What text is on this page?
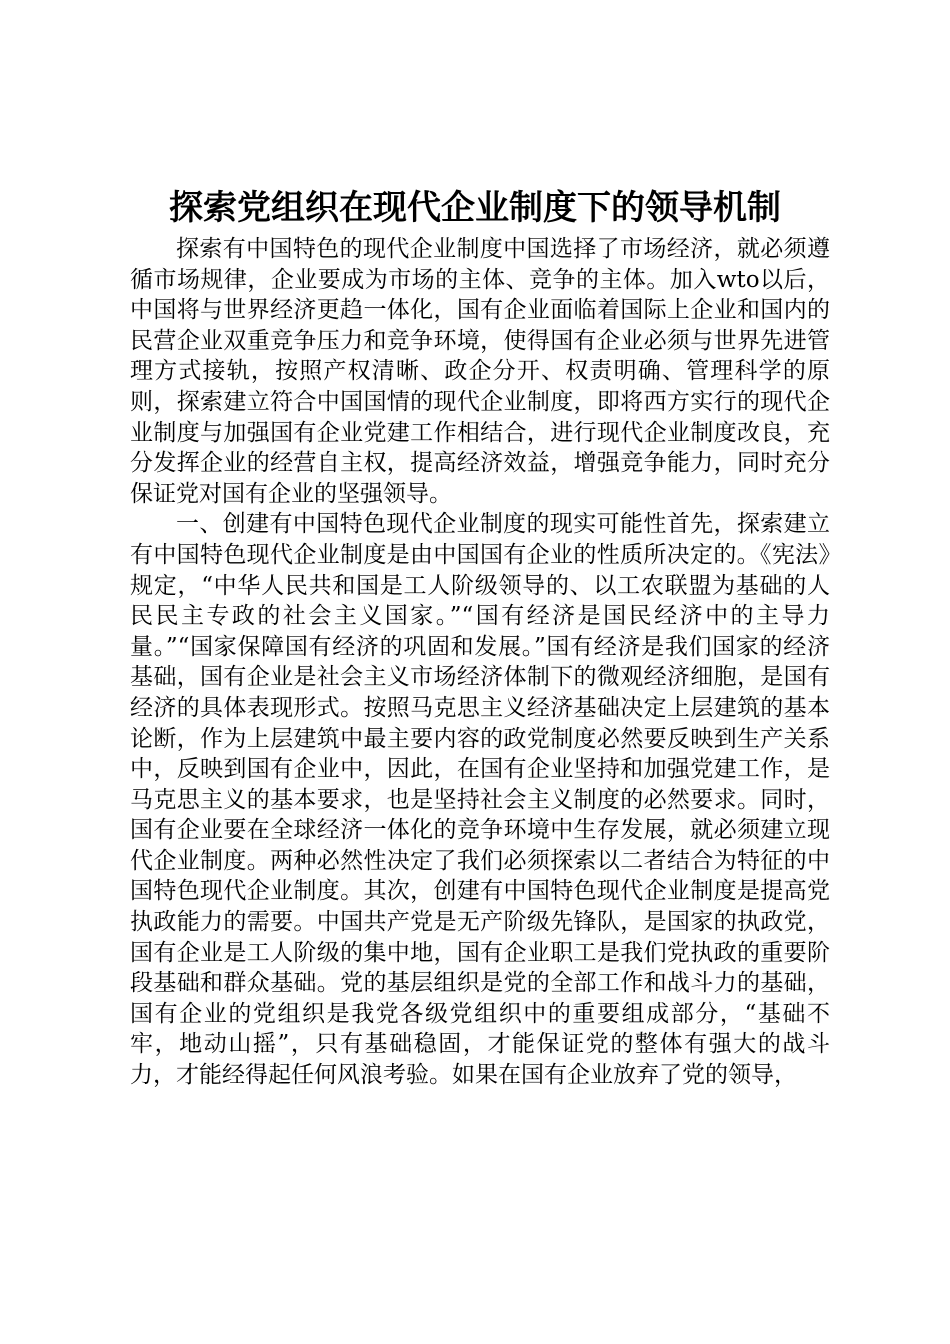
探索党组织在现代企业制度下的领导机制

探索有中国特色的现代企业制度中国选择了市场经济，就必须遵循市场规律，企业要成为市场的主体、竞争的主体。加入wto以后，中国将与世界经济更趋一体化，国有企业面临着国际上企业和国内的民营企业双重竞争压力和竞争环境，使得国有企业必须与世界先进管理方式接轨，按照产权清晰、政企分开、权责明确、管理科学的原则，探索建立符合中国国情的现代企业制度，即将西方实行的现代企业制度与加强国有企业党建工作相结合，进行现代企业制度改良，充分发挥企业的经营自主权，提高经济效益，增强竞争能力，同时充分保证党对国有企业的坚强领导。

一、创建有中国特色现代企业制度的现实可能性首先，探索建立有中国特色现代企业制度是由中国国有企业的性质所决定的。《宪法》规定，“中华人民共和国是工人阶级领导的、以工农联盟为基础的人民民主专政的社会主义国家。”“国有经济是国民经济中的主导力量。”“国家保障国有经济的巩固和发展。”国有经济是我们国家的经济基础，国有企业是社会主义市场经济体制下的微观经济细胞，是国有经济的具体表现形式。按照马克思主义经济基础决定上层建筑的基本论断，作为上层建筑中最主要内容的政党制度必然要反映到生产关系中，反映到国有企业中，因此，在国有企业坚持和加强党建工作，是马克思主义的基本要求，也是坚持社会主义制度的必然要求。同时，国有企业要在全球经济一体化的竞争环境中生存发展，就必须建立现代企业制度。两种必然性决定了我们必须探索以二者结合为特征的中国特色现代企业制度。其次，创建有中国特色现代企业制度是提高党执政能力的需要。中国共产党是无产阶级先锋队，是国家的执政党，国有企业是工人阶级的集中地，国有企业职工是我们党执政的重要阶段基础和群众基础。党的基层组织是党的全部工作和战斗力的基础，国有企业的党组织是我党各级党组织中的重要组成部分，“基础不牢，地动山摇”，只有基础稳固，才能保证党的整体有强大的战斗力，才能经得起任何风浪考验。如果在国有企业放弃了党的领导，
